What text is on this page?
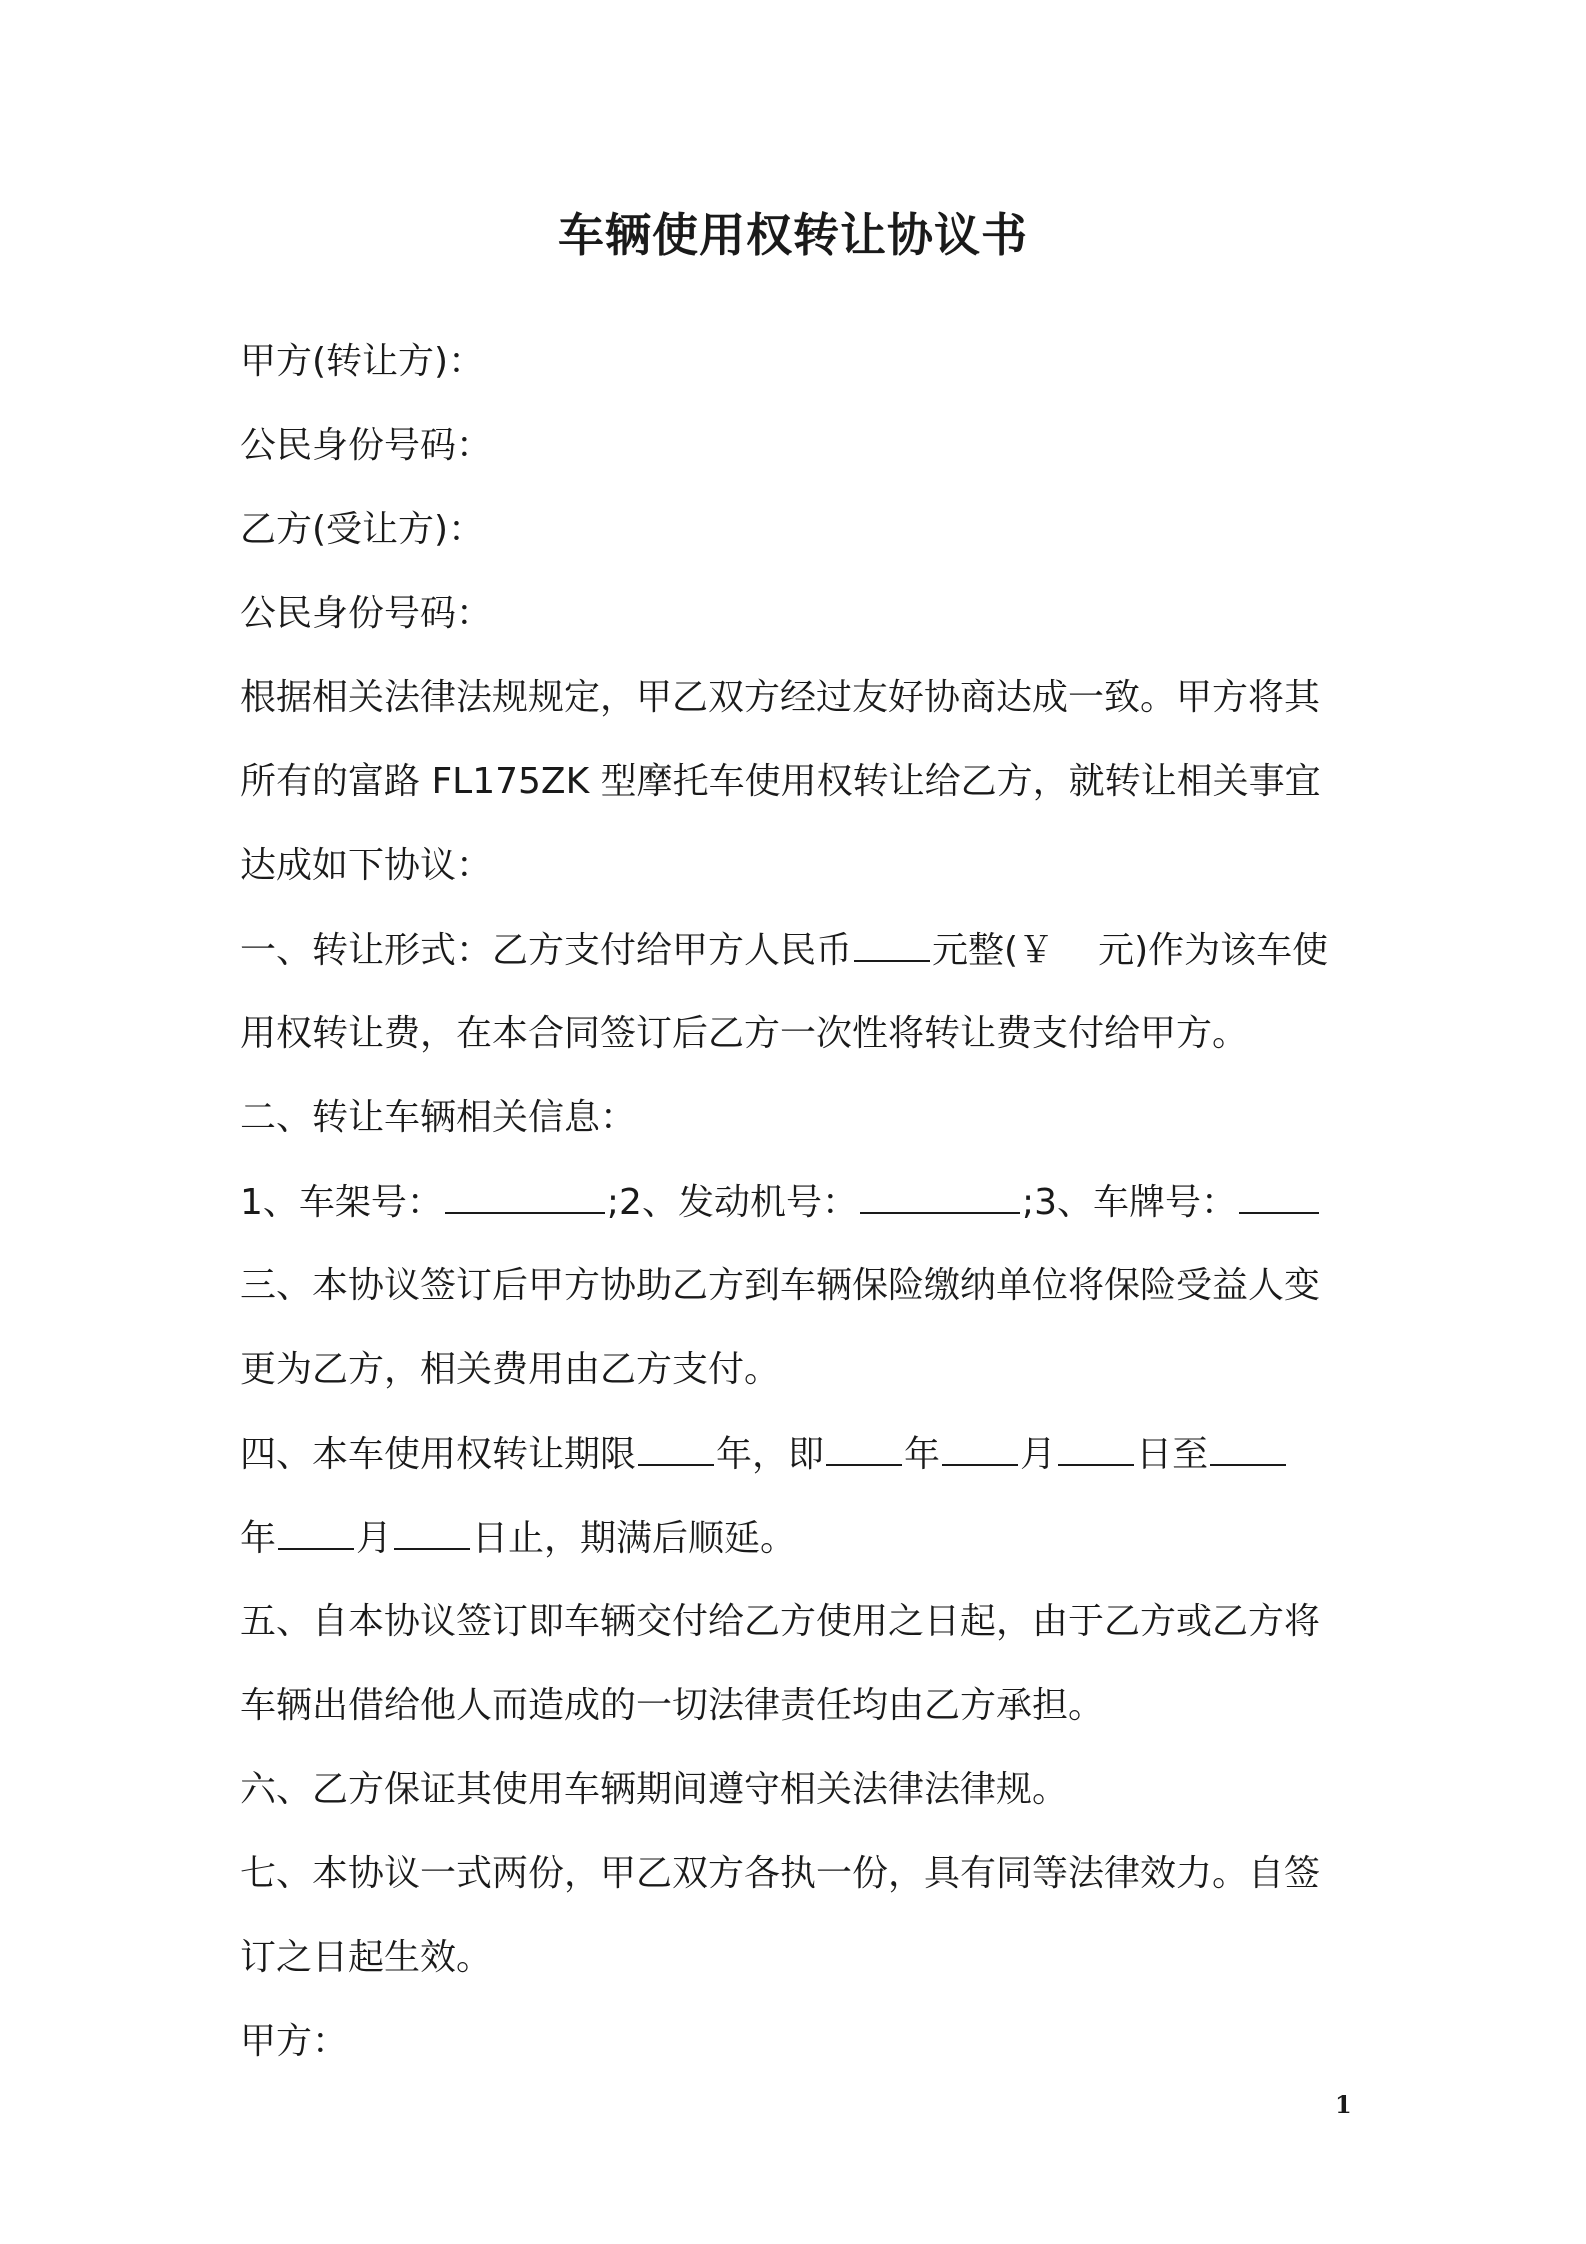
车辆使用权转让协议书
甲方(转让方)：
公民身份号码：
乙方(受让方)：
公民身份号码：
根据相关法律法规规定，甲乙双方经过友好协商达成一致。甲方将其
所有的富路 FL175ZK 型摩托车使用权转让给乙方，就转让相关事宜
达成如下协议：
一、转让形式：乙方支付给甲方人民币 元整(￥ 元)作为该车使
用权转让费，在本合同签订后乙方一次性将转让费支付给甲方。
二、转让车辆相关信息：
1、车架号：	;2、发动机号：	;3、车牌号：
三、本协议签订后甲方协助乙方到车辆保险缴纳单位将保险受益人变
更为乙方，相关费用由乙方支付。
四、本车使用权转让期限 年，即 年 月 日至
年 月 日止，期满后顺延。
五、自本协议签订即车辆交付给乙方使用之日起，由于乙方或乙方将
车辆出借给他人而造成的一切法律责任均由乙方承担。
六、乙方保证其使用车辆期间遵守相关法律法律规。
七、本协议一式两份，甲乙双方各执一份，具有同等法律效力。自签
订之日起生效。
甲方：
1
